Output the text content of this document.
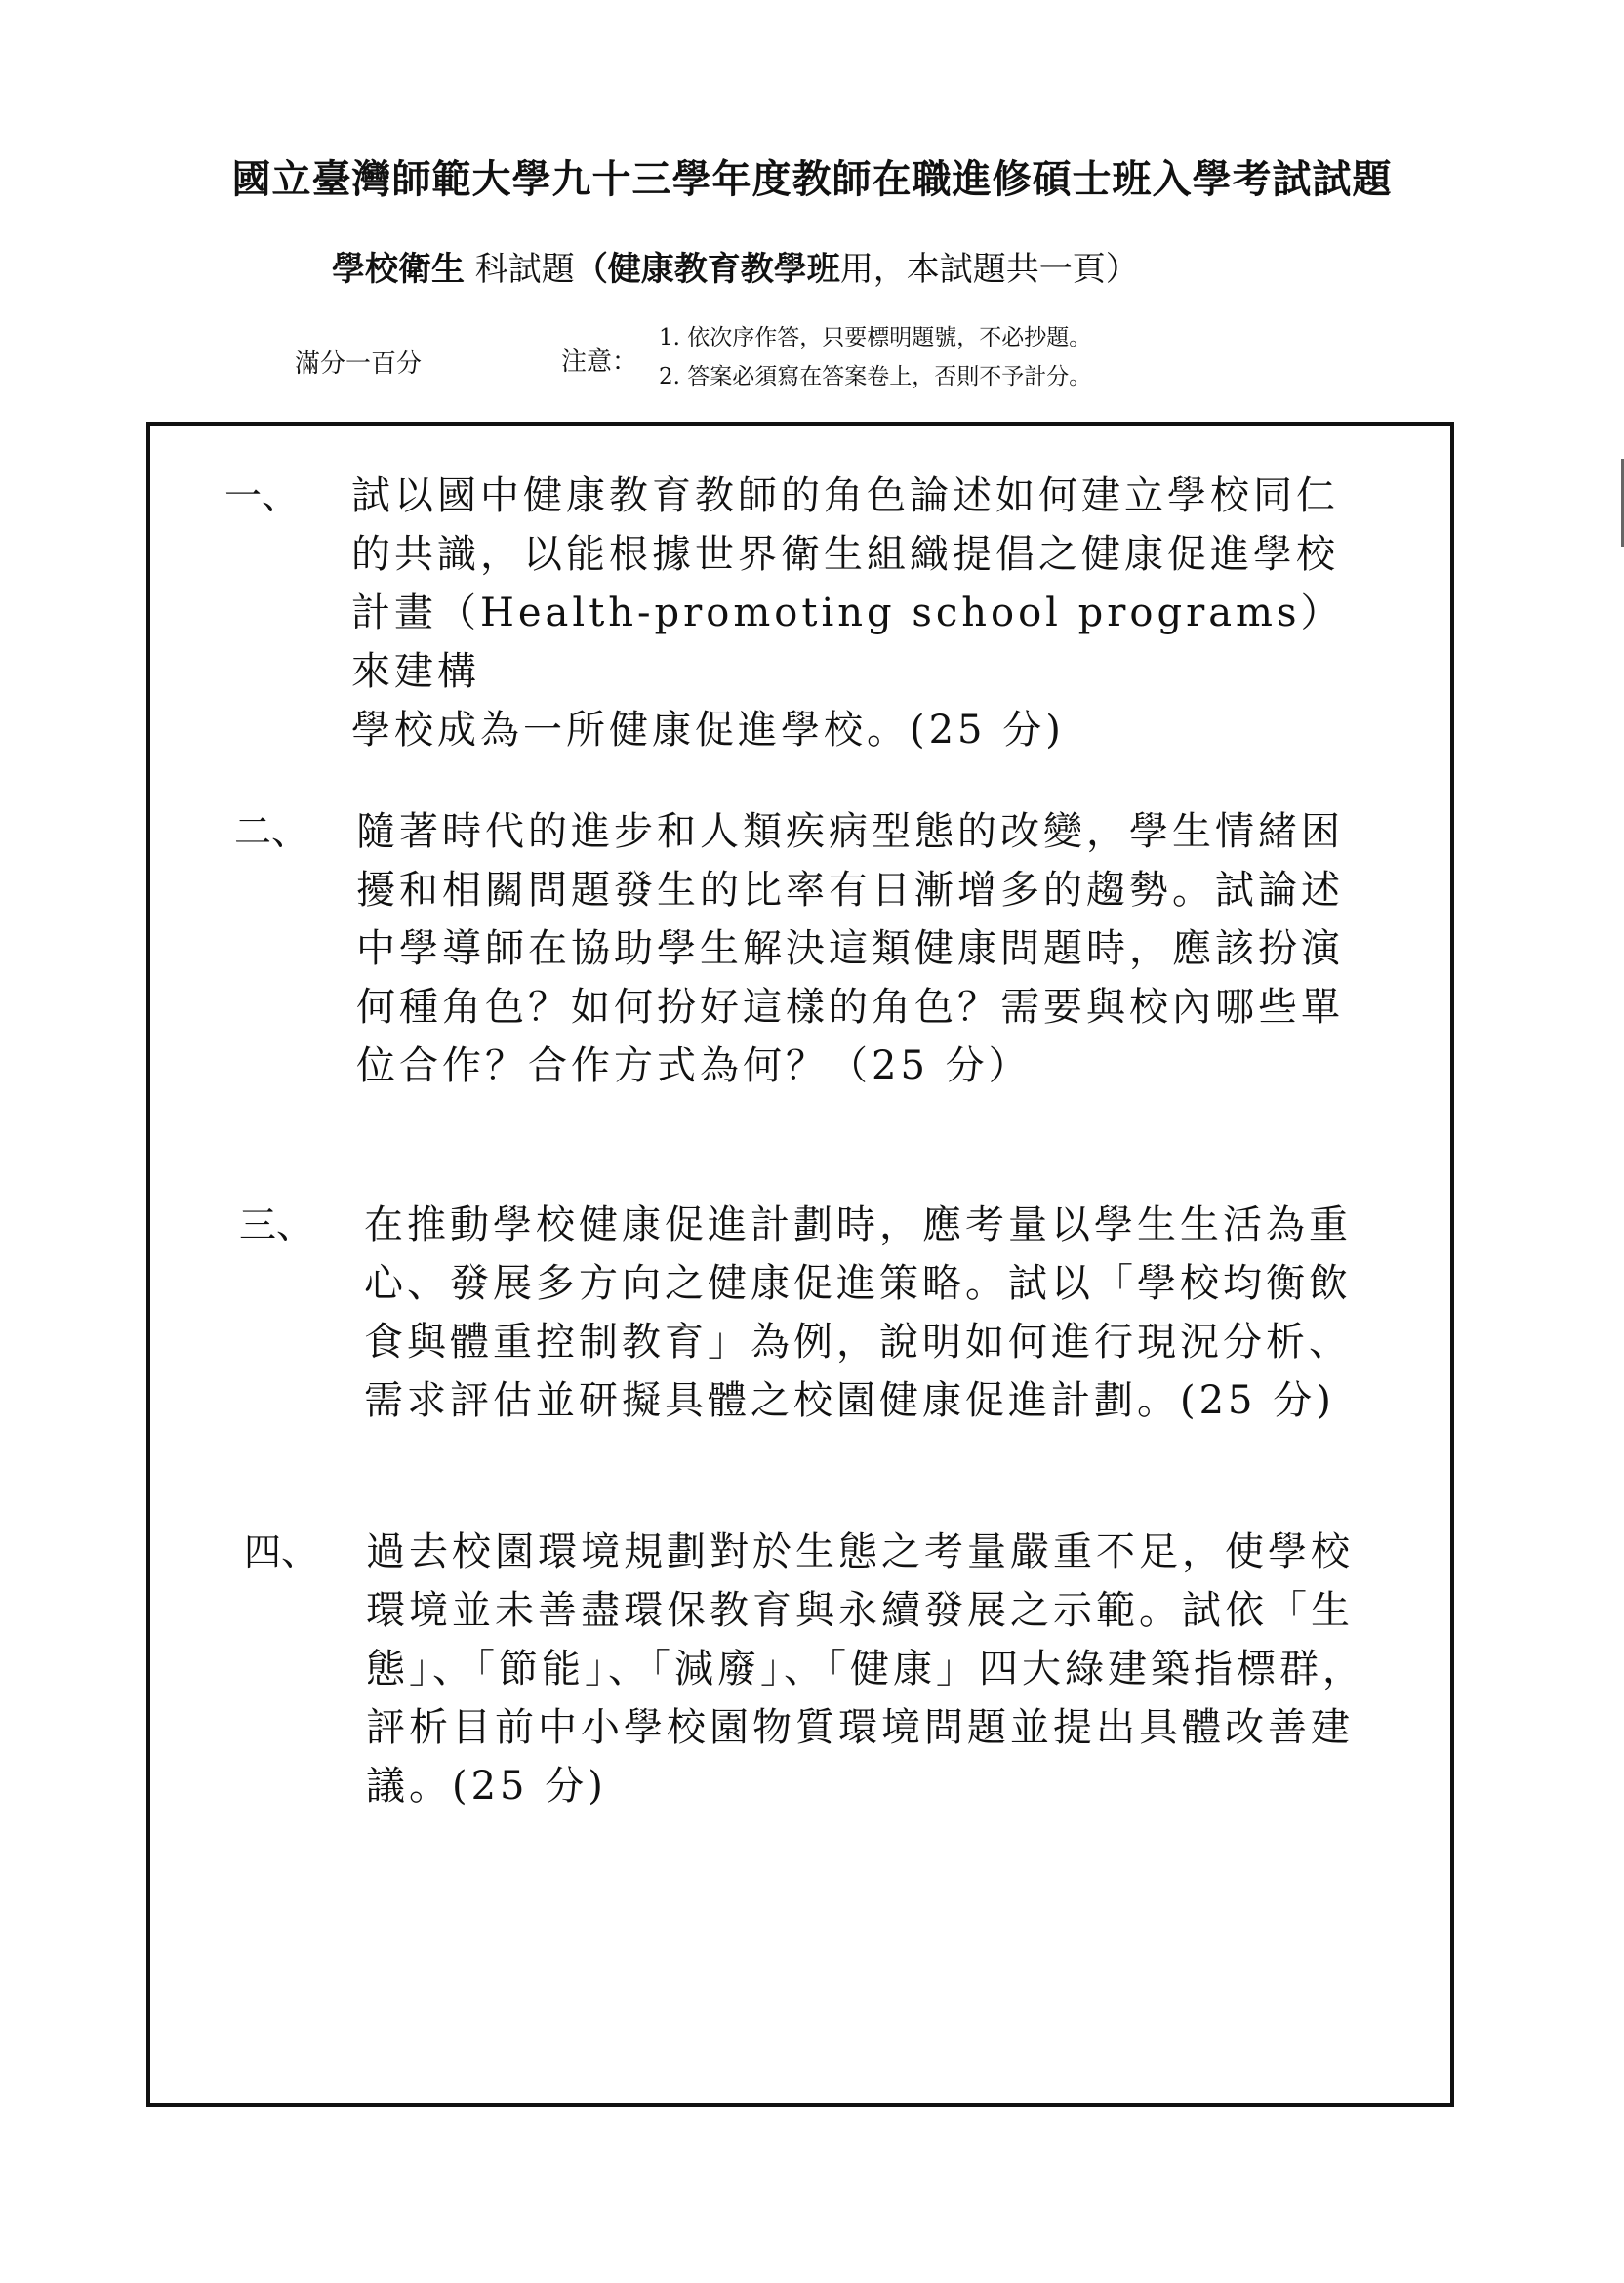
國立臺灣師範大學九十三學年度教師在職進修碩士班入學考試試題
學校衛生 科試題（健康教育教學班用，本試題共一頁）
滿分一百分	注意：
1. 依次序作答，只要標明題號，不必抄題。
2. 答案必須寫在答案卷上，否則不予計分。
一、 試以國中健康教育教師的角色論述如何建立學校同仁
的共識，以能根據世界衛生組織提倡之健康促進學校
計畫（Health-promoting school programs）來建構
學校成為一所健康促進學校。(25 分)
二、 隨著時代的進步和人類疾病型態的改變，學生情緒困
擾和相關問題發生的比率有日漸增多的趨勢。試論述
中學導師在協助學生解決這類健康問題時，應該扮演
何種角色？如何扮好這樣的角色？需要與校內哪些單
位合作？合作方式為何？（25 分）
三、 在推動學校健康促進計劃時，應考量以學生生活為重
心、發展多方向之健康促進策略。試以「學校均衡飲
食與體重控制教育」為例，說明如何進行現況分析、
需求評估並研擬具體之校園健康促進計劃。(25 分)
四、 過去校園環境規劃對於生態之考量嚴重不足，使學校
環境並未善盡環保教育與永續發展之示範。試依「生
態」、「節能」、「減廢」、「健康」四大綠建築指標群，
評析目前中小學校園物質環境問題並提出具體改善建
議。(25 分)
